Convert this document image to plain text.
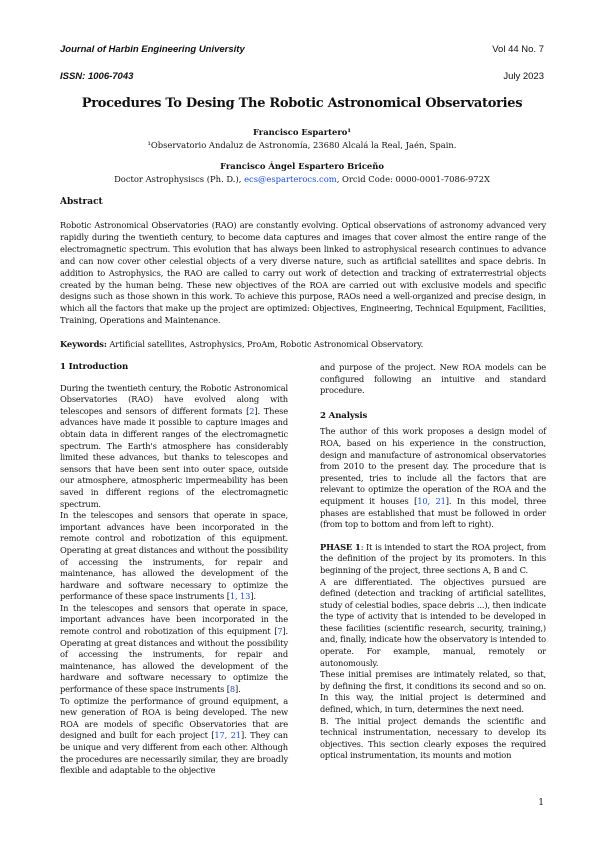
Journal of Harbin Engineering University	Vol 44 No. 7
ISSN: 1006-7043	July 2023
Procedures To Desing The Robotic Astronomical Observatories
Francisco Espartero¹
¹Observatorio Andaluz de Astronomía, 23680 Alcalá la Real, Jaén, Spain.
Francisco Ángel Espartero Briceño
Doctor Astrophysiscs (Ph. D.), ecs@esparterocs.com, Orcid Code: 0000-0001-7086-972X
Abstract
Robotic Astronomical Observatories (RAO) are constantly evolving. Optical observations of astronomy advanced very rapidly during the twentieth century, to become data captures and images that cover almost the entire range of the electromagnetic spectrum. This evolution that has always been linked to astrophysical research continues to advance and can now cover other celestial objects of a very diverse nature, such as artificial satellites and space debris. In addition to Astrophysics, the RAO are called to carry out work of detection and tracking of extraterrestrial objects created by the human being. These new objectives of the ROA are carried out with exclusive models and specific designs such as those shown in this work. To achieve this purpose, RAOs need a well-organized and precise design, in which all the factors that make up the project are optimized: Objectives, Engineering, Technical Equipment, Facilities, Training, Operations and Maintenance.
Keywords: Artificial satellites, Astrophysics, ProAm, Robotic Astronomical Observatory.

1 Introduction

During the twentieth century, the Robotic Astronomical Observatories (RAO) have evolved along with telescopes and sensors of different formats [2]. These advances have made it possible to capture images and obtain data in different ranges of the electromagnetic spectrum. The Earth's atmosphere has considerably limited these advances, but thanks to telescopes and sensors that have been sent into outer space, outside our atmosphere, atmospheric impermeability has been saved in different regions of the electromagnetic spectrum.

In the telescopes and sensors that operate in space, important advances have been incorporated in the remote control and robotization of this equipment. Operating at great distances and without the possibility of accessing the instruments, for repair and maintenance, has allowed the development of the hardware and software necessary to optimize the performance of these space instruments [1, 13].

In the telescopes and sensors that operate in space, important advances have been incorporated in the remote control and robotization of this equipment [7]. Operating at great distances and without the possibility of accessing the instruments, for repair and maintenance, has allowed the development of the hardware and software necessary to optimize the performance of these space instruments [8].

To optimize the performance of ground equipment, a new generation of ROA is being developed. The new ROA are models of specific Observatories that are designed and built for each project [17, 21]. They can be unique and very different from each other. Although the procedures are necessarily similar, they are broadly flexible and adaptable to the objective

and purpose of the project. New ROA models can be configured following an intuitive and standard procedure.

2 Analysis

The author of this work proposes a design model of ROA, based on his experience in the construction, design and manufacture of astronomical observatories from 2010 to the present day. The procedure that is presented, tries to include all the factors that are relevant to optimize the operation of the ROA and the equipment it houses [10, 21]. In this model, three phases are established that must be followed in order (from top to bottom and from left to right).

PHASE 1: It is intended to start the ROA project, from the definition of the project by its promoters. In this beginning of the project, three sections A, B and C.

A are differentiated. The objectives pursued are defined (detection and tracking of artificial satellites, study of celestial bodies, space debris ...), then indicate the type of activity that is intended to be developed in these facilities (scientific research, security, training,) and, finally, indicate how the observatory is intended to operate. For example, manual, remotely or autonomously.

These initial premises are intimately related, so that, by defining the first, it conditions its second and so on. In this way, the initial project is determined and defined, which, in turn, determines the next need.

B. The initial project demands the scientific and technical instrumentation, necessary to develop its objectives. This section clearly exposes the required optical instrumentation, its mounts and motion

1
